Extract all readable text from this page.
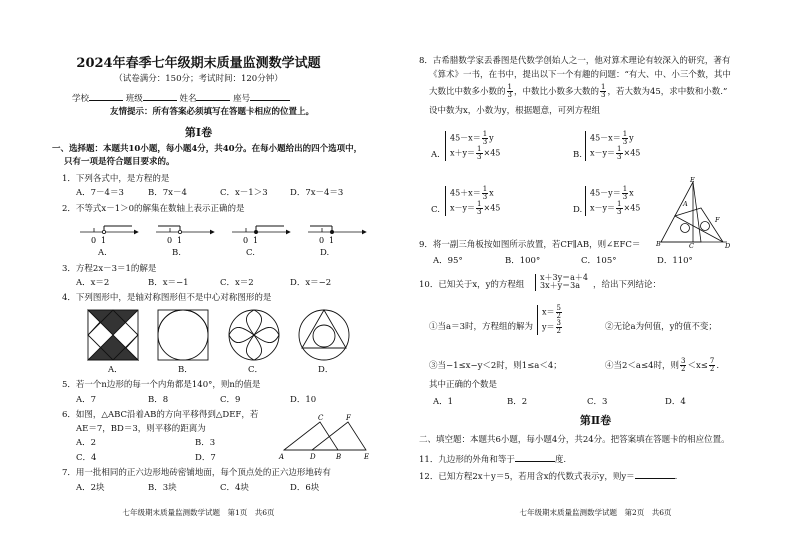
2024年春季七年级期末质量监测数学试题
（试卷满分：150分；考试时间：120分钟）
学校	班级	姓名	座号
友情提示：所有答案必须填写在答题卡相应的位置上。
第Ⅰ卷
一、选择题：本题共10小题，每小题4分，共40分。在每小题给出的四个选项中，
只有一项是符合题目要求的。
1．下列各式中，是方程的是
A．7－4＝3	B．7x－4	C．x－1＞3	D．7x－4＝3
2．不等式x－1＞0的解集在数轴上表示正确的是
0 1	0 1	0 1	0 1
A.	B.	C.	D.
3．方程2x－3＝1的解是
A．x＝2	B．x＝−1	C．x＝2	D．x＝−2
4．下列图形中，是轴对称图形但不是中心对称图形的是
A．	B．	C．	D．
5．若一个n边形的每一个内角都是140°，则n的值是
A．7	B．8	C．9	D．10
6．如图，△ABC沿着AB的方向平移得到△DEF，若
AE＝7，BD＝3，则平移的距离为
A．2	B．3
C．4	D．7	A	D	B	E
C	F
7．用一批相同的正六边形地砖密铺地面，每个顶点处的正六边形地砖有
A．2块	B．3块	C．4块	D．6块
七年级期末质量监测数学试题　第1页　共6页
8．古希腊数学家丢番图是代数学创始人之一，他对算术理论有较深入的研究，著有
《算术》一书，在书中，提出以下一个有趣的问题：“有大、中、小三个数，其中
大数比中数多小数的 $\frac{1}{3}$ ，中数比小数多大数的 $\frac{1}{3}$ ，若大数为45，求中数和小数.”
设中数为x，小数为y，根据题意，可列方程组
A.
$45-x= \frac{1}{3}$ y
$x+y= \frac{1}{3} \times 45$	B.
$45-x= \frac{1}{3}$ y
$x-y= \frac{1}{3} \times 45$
C.
$45+x= \frac{1}{3}$ x
$x-y= \frac{1}{3} \times 45$	D.
$45-y= \frac{1}{3}$ x
$x-y= \frac{1}{3} \times 45$
E
A
F
B	C	D
9．将一副三角板按如图所示放置，若CF∥AB，则∠EFC＝
A．95°	B．100°	C．105°	D．110°
10．已知关于x，y的方程组
x＋3y＝a＋4
3x＋y＝3a	，给出下列结论：
①当a＝3时，方程组的解为
$x= \frac{5}{2}$
$y= \frac{3}{2}$	②无论a为何值，y的值不变；
③当−1≤x−y＜2时，则1≤a＜4；	④当2＜a≤4时，则 $\frac{3}{2} <x\le \frac{7}{2}$ .
其中正确的个数是
A．1	B．2	C．3	D．4
第Ⅱ卷
二、填空题：本题共6小题，每小题4分，共24分。把答案填在答题卡的相应位置。
11．九边形的外角和等于	度.
12．已知方程2x＋y＝5，若用含x的代数式表示y，则y＝	.
七年级期末质量监测数学试题　第2页　共6页
